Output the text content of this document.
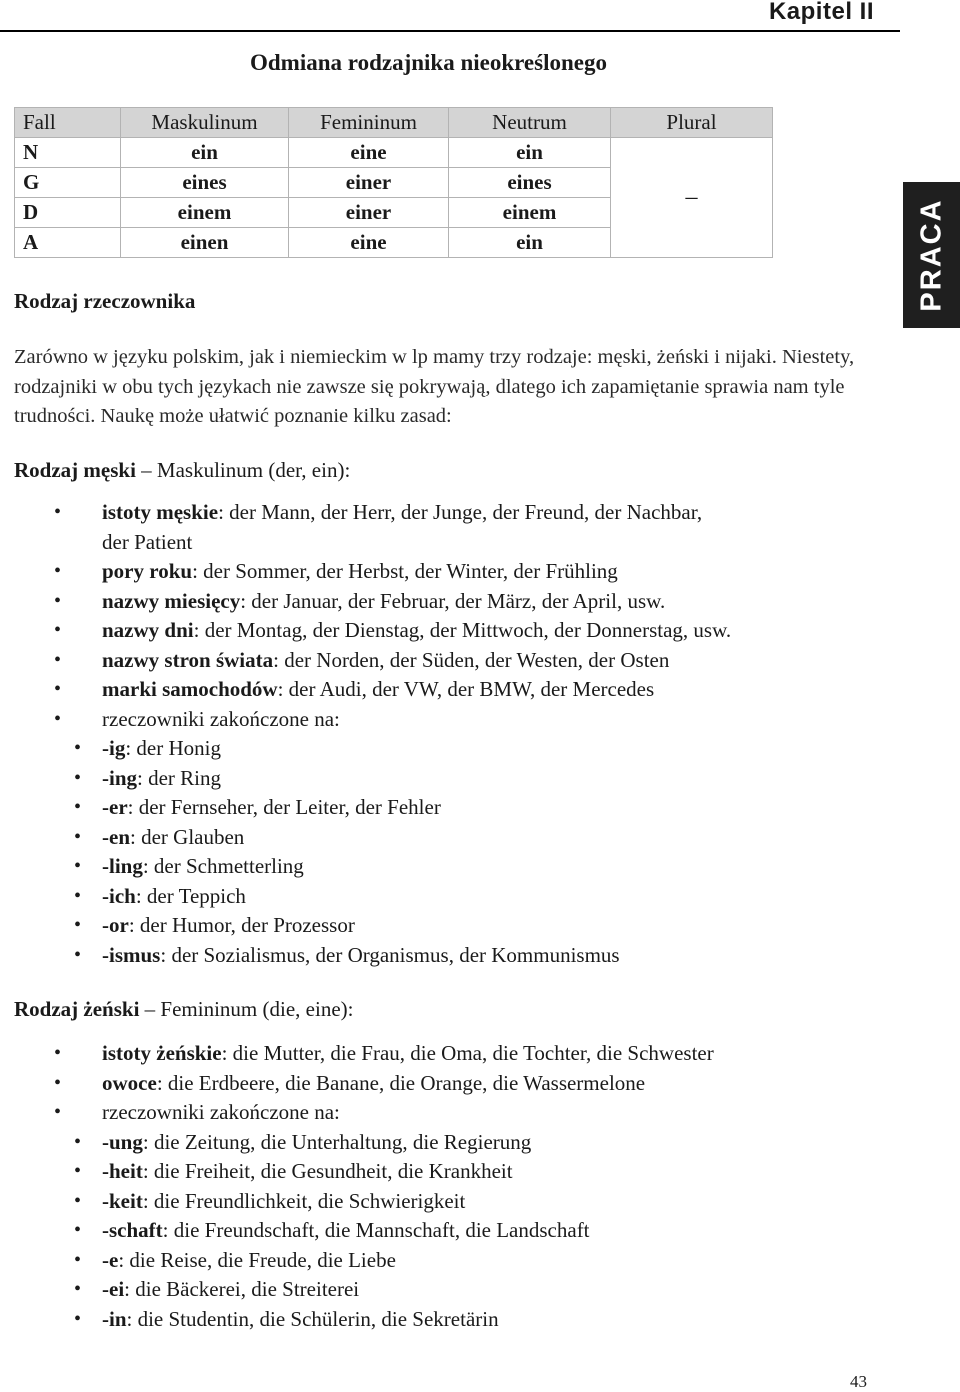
Kapitel II
PRACA
Odmiana rodzajnika nieokreślonego
Fall	Maskulinum	Femininum	Neutrum	Plural
N	ein	eine	ein	–
G	eines	einer	eines	
D	einem	einer	einem	
A	einen	eine	ein	
Rodzaj rzeczownika
Zarówno w języku polskim, jak i niemieckim w lp mamy trzy rodzaje: męski, żeński i nijaki. Niestety, rodzajniki w obu tych językach nie zawsze się pokrywają, dlatego ich zapamiętanie sprawia nam tyle trudności. Naukę może ułatwić poznanie kilku zasad:
Rodzaj męski – Maskulinum (der, ein):
• istoty męskie: der Mann, der Herr, der Junge, der Freund, der Nachbar,
der Patient
• pory roku: der Sommer, der Herbst, der Winter, der Frühling
• nazwy miesięcy: der Januar, der Februar, der März, der April, usw.
• nazwy dni: der Montag, der Dienstag, der Mittwoch, der Donnerstag, usw.
• nazwy stron świata: der Norden, der Süden, der Westen, der Osten
• marki samochodów: der Audi, der VW, der BMW, der Mercedes
• rzeczowniki zakończone na:
• -ig: der Honig
• -ing: der Ring
• -er: der Fernseher, der Leiter, der Fehler
• -en: der Glauben
• -ling: der Schmetterling
• -ich: der Teppich
• -or: der Humor, der Prozessor
• -ismus: der Sozialismus, der Organismus, der Kommunismus
Rodzaj żeński – Femininum (die, eine):
• istoty żeńskie: die Mutter, die Frau, die Oma, die Tochter, die Schwester
• owoce: die Erdbeere, die Banane, die Orange, die Wassermelone
• rzeczowniki zakończone na:
• -ung: die Zeitung, die Unterhaltung, die Regierung
• -heit: die Freiheit, die Gesundheit, die Krankheit
• -keit: die Freundlichkeit, die Schwierigkeit
• -schaft: die Freundschaft, die Mannschaft, die Landschaft
• -e: die Reise, die Freude, die Liebe
• -ei: die Bäckerei, die Streiterei
• -in: die Studentin, die Schülerin, die Sekretärin
43
